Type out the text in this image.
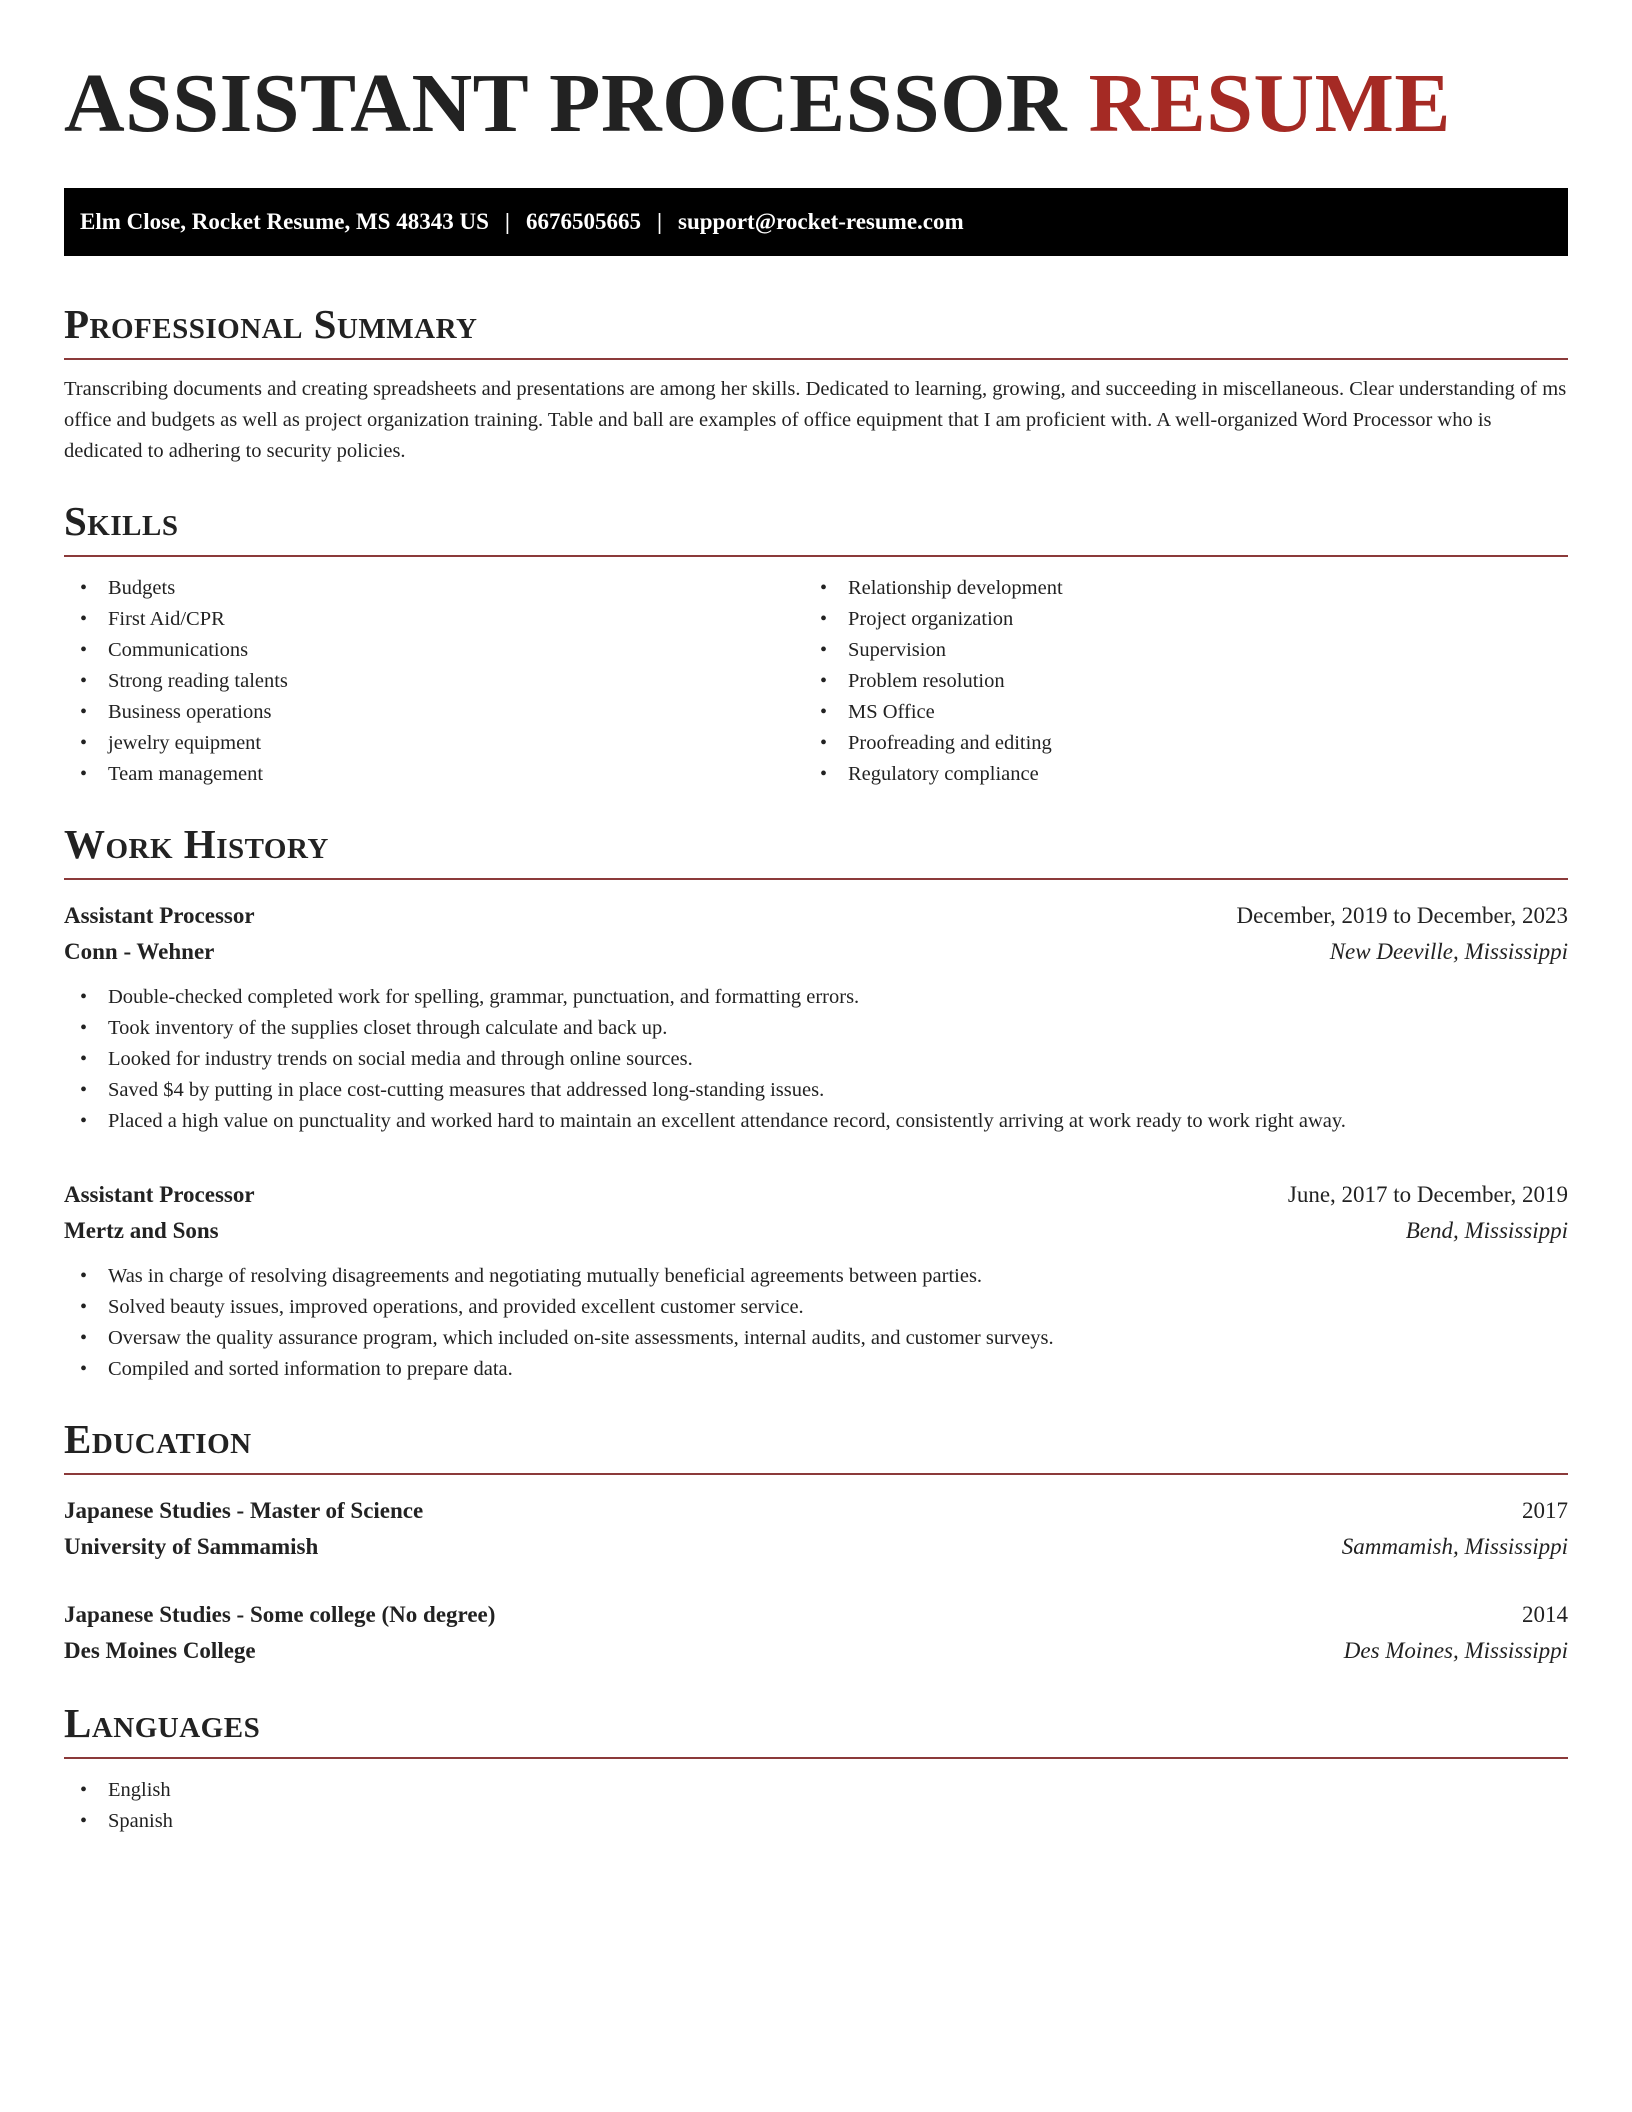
ASSISTANT PROCESSOR RESUME
Elm Close, Rocket Resume, MS 48343 US | 6676505665 | support@rocket-resume.com
Professional Summary

Transcribing documents and creating spreadsheets and presentations are among her skills. Dedicated to learning, growing, and succeeding in miscellaneous. Clear understanding of ms office and budgets as well as project organization training. Table and ball are examples of office equipment that I am proficient with. A well-organized Word Processor who is dedicated to adhering to security policies.

Skills
• Budgets
• First Aid/CPR
• Communications
• Strong reading talents
• Business operations
• jewelry equipment
• Team management
• Relationship development
• Project organization
• Supervision
• Problem resolution
• MS Office
• Proofreading and editing
• Regulatory compliance
Work History
Assistant Processor	December, 2019 to December, 2023
Conn - Wehner	New Deeville, Mississippi
• Double-checked completed work for spelling, grammar, punctuation, and formatting errors.
• Took inventory of the supplies closet through calculate and back up.
• Looked for industry trends on social media and through online sources.
• Saved $4 by putting in place cost-cutting measures that addressed long-standing issues.
• Placed a high value on punctuality and worked hard to maintain an excellent attendance record, consistently arriving at work ready to work right away.
Assistant Processor	June, 2017 to December, 2019
Mertz and Sons	Bend, Mississippi
• Was in charge of resolving disagreements and negotiating mutually beneficial agreements between parties.
• Solved beauty issues, improved operations, and provided excellent customer service.
• Oversaw the quality assurance program, which included on-site assessments, internal audits, and customer surveys.
• Compiled and sorted information to prepare data.
Education
Japanese Studies - Master of Science	2017
University of Sammamish	Sammamish, Mississippi
Japanese Studies - Some college (No degree)	2014
Des Moines College	Des Moines, Mississippi
Languages
• English
• Spanish
